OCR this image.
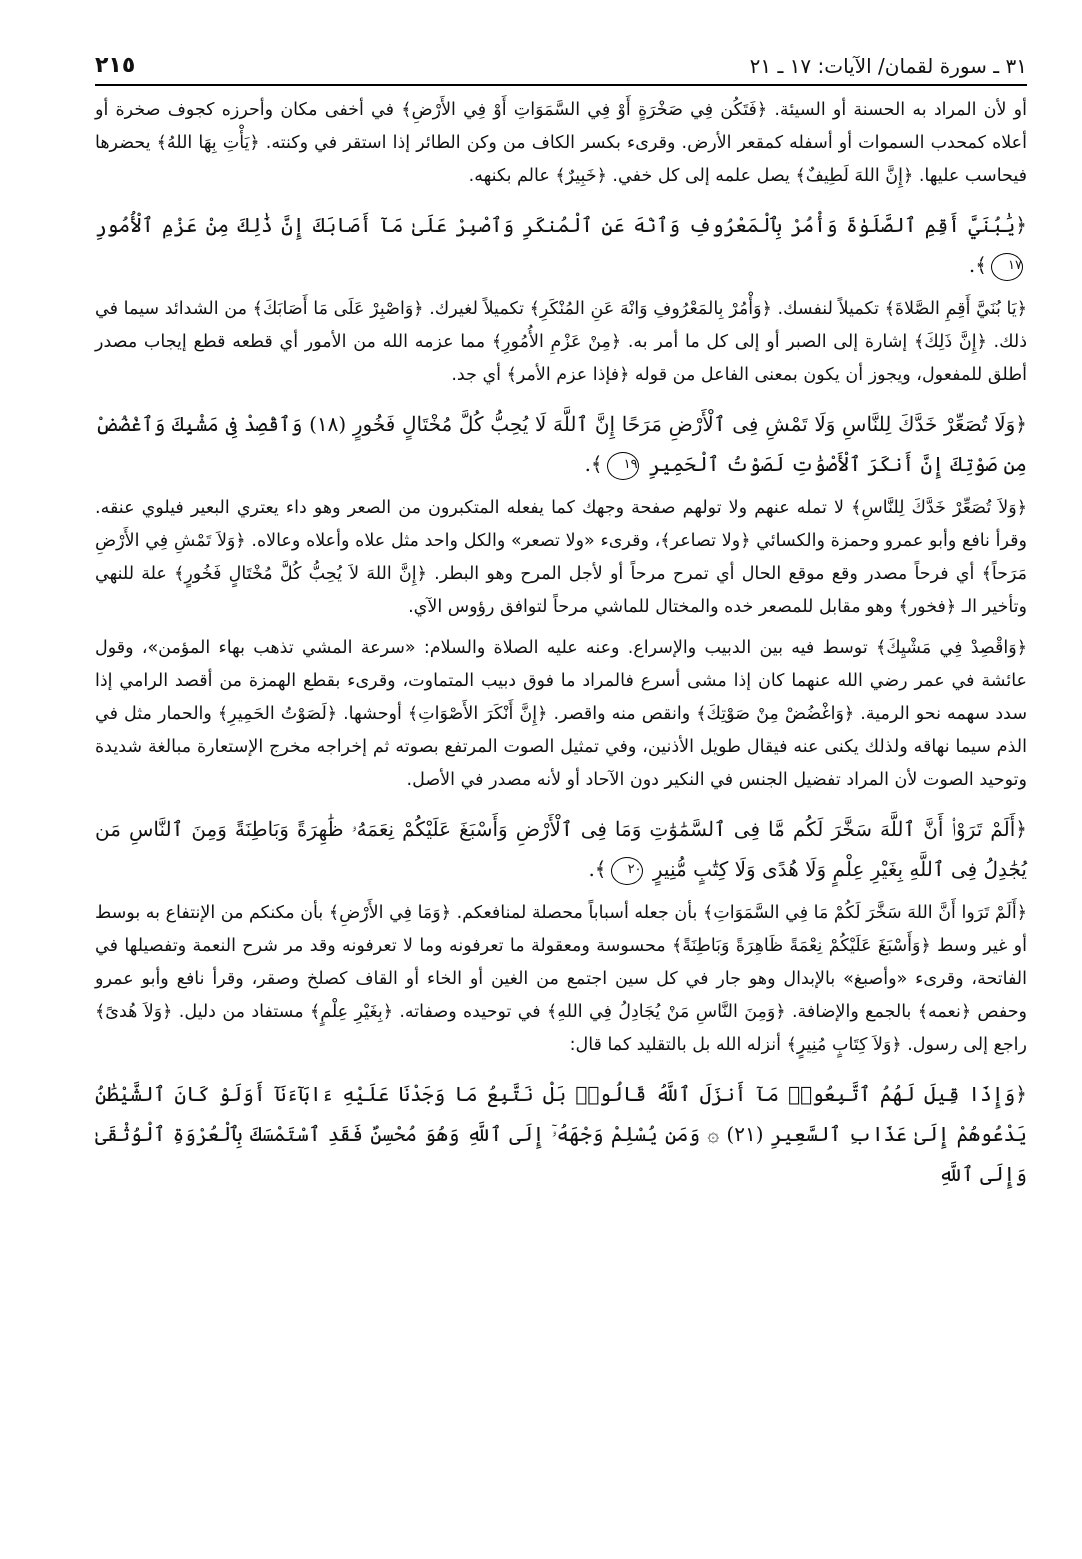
٣١ ـ سورة لقمان/ الآيات: ١٧ ـ ٢١
٢١٥

أو لأن المراد به الحسنة أو السيئة. ﴿فَتَكُن فِي صَخْرَةٍ أَوْ فِي السَّمَوَاتِ أَوْ فِي الأَرْضِ﴾ في أخفى مكان وأحرزه كجوف صخرة أو أعلاه كمحدب السموات أو أسفله كمقعر الأرض. وقرىء بكسر الكاف من وكن الطائر إذا استقر في وكنته. ﴿يَأْتِ بِهَا اللهُ﴾ يحضرها فيحاسب عليها. ﴿إِنَّ اللهَ لَطِيفٌ﴾ يصل علمه إلى كل خفي. ﴿خَبِيرٌ﴾ عالم بكنهه.

﴿يَٰبُنَيَّ أَقِمِ ٱلصَّلَوٰةَ وَأْمُرْ بِٱلْمَعْرُوفِ وَٱنْهَ عَنِ ٱلْمُنكَرِ وَٱصْبِرْ عَلَىٰ مَآ أَصَابَكَ إِنَّ ذَٰلِكَ مِنْ عَزْمِ ٱلْأُمُورِ ١٧﴾.

﴿يَا بُنَيَّ أَقِمِ الصَّلاةَ﴾ تكميلاً لنفسك. ﴿وَأْمُرْ بِالمَعْرُوفِ وَانْهَ عَنِ المُنْكَرِ﴾ تكميلاً لغيرك. ﴿وَاصْبِرْ عَلَى مَا أَصَابَكَ﴾ من الشدائد سيما في ذلك. ﴿إِنَّ ذَلِكَ﴾ إشارة إلى الصبر أو إلى كل ما أمر به. ﴿مِنْ عَزْمِ الأُمُورِ﴾ مما عزمه الله من الأمور أي قطعه قطع إيجاب مصدر أطلق للمفعول، ويجوز أن يكون بمعنى الفاعل من قوله ﴿فإذا عزم الأمر﴾ أي جد.

﴿وَلَا تُصَعِّرْ خَدَّكَ لِلنَّاسِ وَلَا تَمْشِ فِى ٱلْأَرْضِ مَرَحًا إِنَّ ٱللَّهَ لَا يُحِبُّ كُلَّ مُخْتَالٍ فَخُورٍ (١٨) وَٱقْصِدْ فِى مَشْيِكَ وَٱغْضُضْ مِن صَوْتِكَ إِنَّ أَنكَرَ ٱلْأَصْوَٰتِ لَصَوْتُ ٱلْحَمِيرِ ١٩﴾.

﴿وَلاَ تُصَعِّرْ خَدَّكَ لِلنَّاسِ﴾ لا تمله عنهم ولا تولهم صفحة وجهك كما يفعله المتكبرون من الصعر وهو داء يعتري البعير فيلوي عنقه. وقرأ نافع وأبو عمرو وحمزة والكسائي ﴿ولا تصاعر﴾، وقرىء «ولا تصعر» والكل واحد مثل علاه وأعلاه وعالاه. ﴿وَلاَ تَمْشِ فِي الأَرْضِ مَرَحاً﴾ أي فرحاً مصدر وقع موقع الحال أي تمرح مرحاً أو لأجل المرح وهو البطر. ﴿إِنَّ اللهَ لاَ يُحِبُّ كُلَّ مُخْتَالٍ فَخُورٍ﴾ علة للنهي وتأخير الـ ﴿فخور﴾ وهو مقابل للمصعر خده والمختال للماشي مرحاً لتوافق رؤوس الآي.

﴿وَاقْصِدْ فِي مَشْيِكَ﴾ توسط فيه بين الدبيب والإسراع. وعنه عليه الصلاة والسلام: «سرعة المشي تذهب بهاء المؤمن»، وقول عائشة في عمر رضي الله عنهما كان إذا مشى أسرع فالمراد ما فوق دبيب المتماوت، وقرىء بقطع الهمزة من أقصد الرامي إذا سدد سهمه نحو الرمية. ﴿وَاغْضُضْ مِنْ صَوْتِكَ﴾ وانقص منه واقصر. ﴿إِنَّ أَنْكَرَ الأَصْوَاتِ﴾ أوحشها. ﴿لَصَوْتُ الحَمِيرِ﴾ والحمار مثل في الذم سيما نهاقه ولذلك يكنى عنه فيقال طويل الأذنين، وفي تمثيل الصوت المرتفع بصوته ثم إخراجه مخرج الإستعارة مبالغة شديدة وتوحيد الصوت لأن المراد تفضيل الجنس في النكير دون الآحاد أو لأنه مصدر في الأصل.

﴿أَلَمْ تَرَوْا۟ أَنَّ ٱللَّهَ سَخَّرَ لَكُم مَّا فِى ٱلسَّمَٰوَٰتِ وَمَا فِى ٱلْأَرْضِ وَأَسْبَغَ عَلَيْكُمْ نِعَمَهُۥ ظَٰهِرَةً وَبَاطِنَةً وَمِنَ ٱلنَّاسِ مَن يُجَٰدِلُ فِى ٱللَّهِ بِغَيْرِ عِلْمٍ وَلَا هُدًى وَلَا كِتَٰبٍ مُّنِيرٍ ٢٠﴾.

﴿أَلَمْ تَرَوا أَنَّ اللهَ سَخَّرَ لَكُمْ مَا فِي السَّمَوَاتِ﴾ بأن جعله أسباباً محصلة لمنافعكم. ﴿وَمَا فِي الأَرْضِ﴾ بأن مكنكم من الإنتفاع به بوسط أو غير وسط ﴿وَأَسْبَغَ عَلَيْكُمْ نِعْمَةً ظَاهِرَةً وَبَاطِنَةً﴾ محسوسة ومعقولة ما تعرفونه وما لا تعرفونه وقد مر شرح النعمة وتفصيلها في الفاتحة، وقرىء «وأصبغ» بالإبدال وهو جار في كل سين اجتمع من الغين أو الخاء أو القاف كصلخ وصقر، وقرأ نافع وأبو عمرو وحفص ﴿نعمه﴾ بالجمع والإضافة. ﴿وَمِنَ النَّاسِ مَنْ يُجَادِلُ فِي اللهِ﴾ في توحيده وصفاته. ﴿بِغَيْرِ عِلْمٍ﴾ مستفاد من دليل. ﴿وَلاَ هُدىً﴾ راجع إلى رسول. ﴿وَلاَ كِتَابٍ مُنِيرٍ﴾ أنزله الله بل بالتقليد كما قال:

﴿وَإِذَا قِيلَ لَهُمُ ٱتَّبِعُوا۟ مَآ أَنزَلَ ٱللَّهُ قَالُوا۟ بَلْ نَتَّبِعُ مَا وَجَدْنَا عَلَيْهِ ءَابَآءَنَآ أَوَلَوْ كَانَ ٱلشَّيْطَٰنُ يَدْعُوهُمْ إِلَىٰ عَذَابِ ٱلسَّعِيرِ (٢١) ۞ وَمَن يُسْلِمْ وَجْهَهُۥٓ إِلَى ٱللَّهِ وَهُوَ مُحْسِنٌ فَقَدِ ٱسْتَمْسَكَ بِٱلْعُرْوَةِ ٱلْوُثْقَىٰ وَإِلَى ٱللَّهِ
